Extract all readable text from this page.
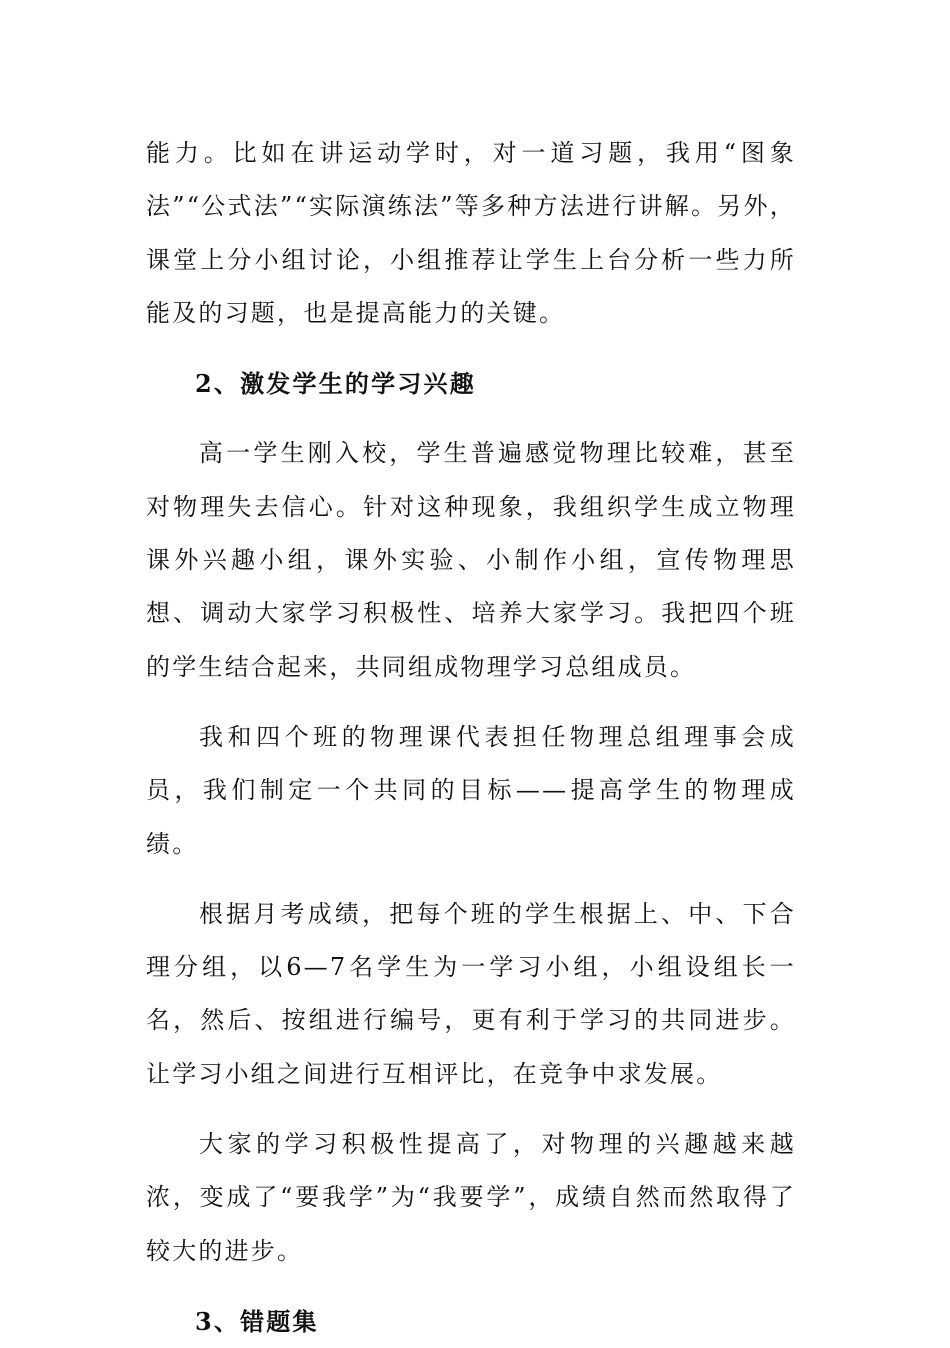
能力。比如在讲运动学时，对一道习题，我用“图象法”“公式法”“实际演练法”等多种方法进行讲解。另外，课堂上分小组讨论，小组推荐让学生上台分析一些力所能及的习题，也是提高能力的关键。

2、激发学生的学习兴趣

高一学生刚入校，学生普遍感觉物理比较难，甚至对物理失去信心。针对这种现象，我组织学生成立物理课外兴趣小组，课外实验、小制作小组，宣传物理思想、调动大家学习积极性、培养大家学习。我把四个班的学生结合起来，共同组成物理学习总组成员。

我和四个班的物理课代表担任物理总组理事会成员，我们制定一个共同的目标——提高学生的物理成绩。

根据月考成绩，把每个班的学生根据上、中、下合理分组，以6—7名学生为一学习小组，小组设组长一名，然后、按组进行编号，更有利于学习的共同进步。让学习小组之间进行互相评比，在竞争中求发展。

大家的学习积极性提高了，对物理的兴趣越来越浓，变成了“要我学”为“我要学”，成绩自然而然取得了较大的进步。

3、错题集
